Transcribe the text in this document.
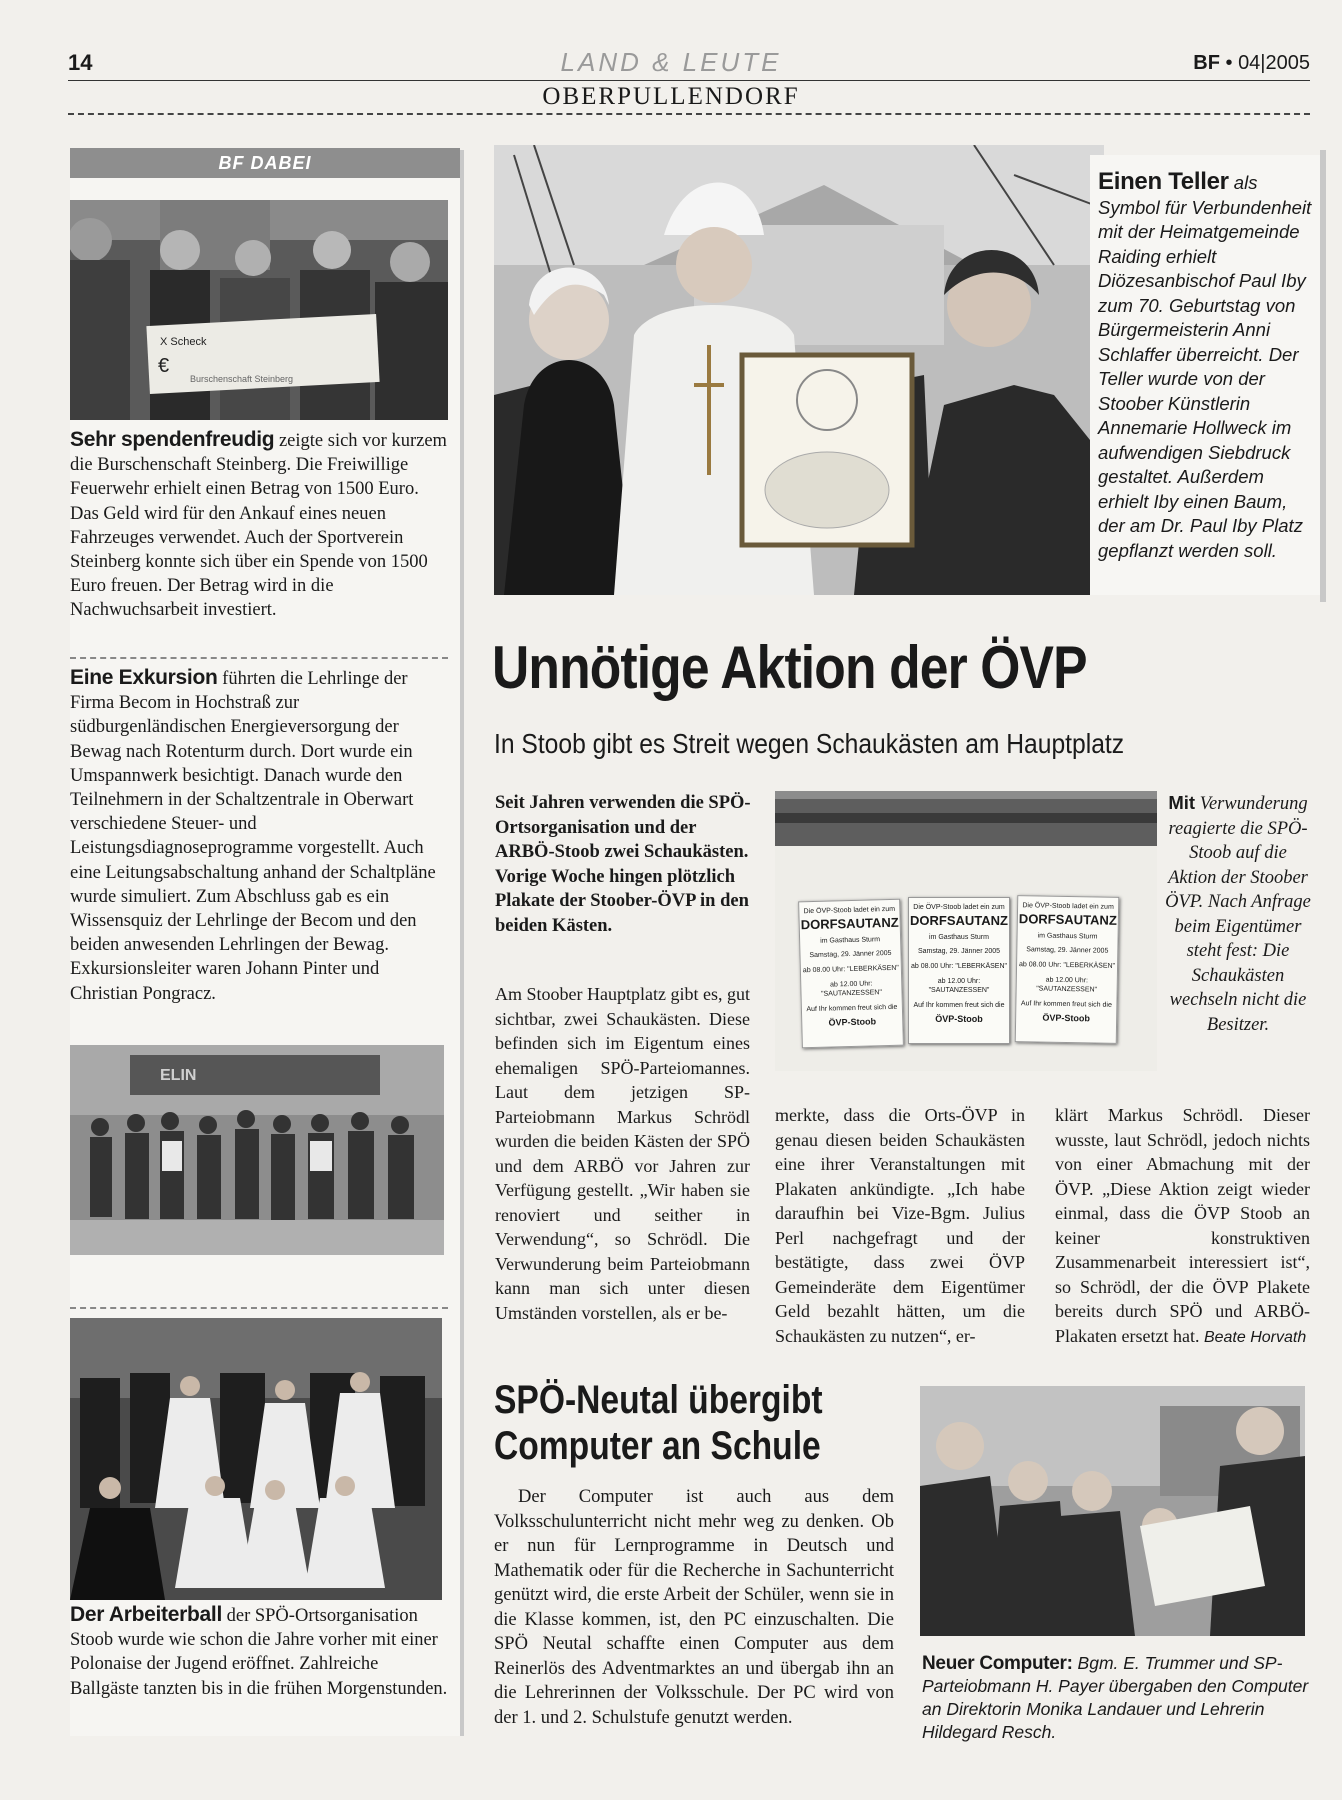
14	LAND & LEUTE
OBERPULLENDORF
BF • 04|2005
BF DABEI
X Scheck
€
Burschenschaft Steinberg
Sehr spendenfreudig zeigte sich vor kurzem die Burschenschaft Steinberg. Die Freiwillige Feuerwehr erhielt einen Betrag von 1500 Euro. Das Geld wird für den Ankauf eines neuen Fahrzeuges verwendet. Auch der Sportverein Steinberg konnte sich über ein Spende von 1500 Euro freuen. Der Betrag wird in die Nachwuchsarbeit investiert.
Eine Exkursion führten die Lehrlinge der Firma Becom in Hochstraß zur südburgenländischen Energieversorgung der Bewag nach Rotenturm durch. Dort wurde ein Umspannwerk besichtigt. Danach wurde den Teilnehmern in der Schaltzentrale in Oberwart verschiedene Steuer- und Leistungsdiagnoseprogramme vorgestellt. Auch eine Leitungsabschaltung anhand der Schaltpläne wurde simuliert. Zum Abschluss gab es ein Wissensquiz der Lehrlinge der Becom und den beiden anwesenden Lehrlingen der Bewag. Exkursionsleiter waren Johann Pinter und Christian Pongracz.
ELIN
Der Arbeiterball der SPÖ-Ortsorganisation Stoob wurde wie schon die Jahre vorher mit einer Polonaise der Jugend eröffnet. Zahlreiche Ballgäste tanzten bis in die frühen Morgenstunden.
Einen Teller als Symbol für Verbundenheit mit der Heimatgemeinde Raiding erhielt Diözesanbischof Paul Iby zum 70. Geburtstag von Bürgermeisterin Anni Schlaffer überreicht. Der Teller wurde von der Stoober Künstlerin Annemarie Hollweck im aufwendigen Siebdruck gestaltet. Außerdem erhielt Iby einen Baum, der am Dr. Paul Iby Platz gepflanzt werden soll.
Unnötige Aktion der ÖVP
In Stoob gibt es Streit wegen Schaukästen am Hauptplatz
Seit Jahren verwenden die SPÖ-Ortsorganisation und der ARBÖ-Stoob zwei Schaukästen. Vorige Woche hingen plötzlich Plakate der Stoober-ÖVP in den beiden Kästen.
Die ÖVP-Stoob ladet ein zum
DORFSAUTANZ
im Gasthaus Sturm
Samstag, 29. Jänner 2005
ab 08.00 Uhr: "LEBERKÄSEN"
ab 12.00 Uhr: "SAUTANZESSEN"
Auf Ihr kommen freut sich die
ÖVP-Stoob
Die ÖVP-Stoob ladet ein zum
DORFSAUTANZ
im Gasthaus Sturm
Samstag, 29. Jänner 2005
ab 08.00 Uhr: "LEBERKÄSEN"
ab 12.00 Uhr: "SAUTANZESSEN"
Auf Ihr kommen freut sich die
ÖVP-Stoob
Die ÖVP-Stoob ladet ein zum
DORFSAUTANZ
im Gasthaus Sturm
Samstag, 29. Jänner 2005
ab 08.00 Uhr: "LEBERKÄSEN"
ab 12.00 Uhr: "SAUTANZESSEN"
Auf Ihr kommen freut sich die
ÖVP-Stoob
Mit Verwunderung reagierte die SPÖ-Stoob auf die Aktion der Stoober ÖVP. Nach Anfrage beim Eigentümer steht fest: Die Schaukästen wechseln nicht die Besitzer.
Am Stoober Hauptplatz gibt es, gut sichtbar, zwei Schaukästen. Diese befinden sich im Eigentum eines ehemaligen SPÖ-Parteiomannes. Laut dem jetzigen SP-Parteiobmann Markus Schrödl wurden die beiden Kästen der SPÖ und dem ARBÖ vor Jahren zur Verfügung gestellt. „Wir haben sie renoviert und seither in Verwendung“, so Schrödl. Die Verwunderung beim Parteiobmann kann man sich unter diesen Umständen vorstellen, als er be-
merkte, dass die Orts-ÖVP in genau diesen beiden Schaukästen eine ihrer Veranstaltungen mit Plakaten ankündigte. „Ich habe daraufhin bei Vize-Bgm. Julius Perl nachgefragt und der bestätigte, dass zwei ÖVP Gemeinderäte dem Eigentümer Geld bezahlt hätten, um die Schaukästen zu nutzen“, er-
klärt Markus Schrödl. Dieser wusste, laut Schrödl, jedoch nichts von einer Abmachung mit der ÖVP. „Diese Aktion zeigt wieder einmal, dass die ÖVP Stoob an keiner konstruktiven Zusammenarbeit interessiert ist“, so Schrödl, der die ÖVP Plakete bereits durch SPÖ und ARBÖ-Plakaten ersetzt hat. Beate Horvath
SPÖ-Neutal übergibt
Computer an Schule
Der Computer ist auch aus dem Volksschulunterricht nicht mehr weg zu denken. Ob er nun für Lernprogramme in Deutsch und Mathematik oder für die Recherche in Sachunterricht genützt wird, die erste Arbeit der Schüler, wenn sie in die Klasse kommen, ist, den PC einzuschalten. Die SPÖ Neutal schaffte einen Computer aus dem Reinerlös des Adventmarktes an und übergab ihn an die Lehrerinnen der Volksschule. Der PC wird von der 1. und 2. Schulstufe genutzt werden.
Neuer Computer: Bgm. E. Trummer und SP-Parteiobmann H. Payer übergaben den Computer an Direktorin Monika Landauer und Lehrerin Hildegard Resch.
